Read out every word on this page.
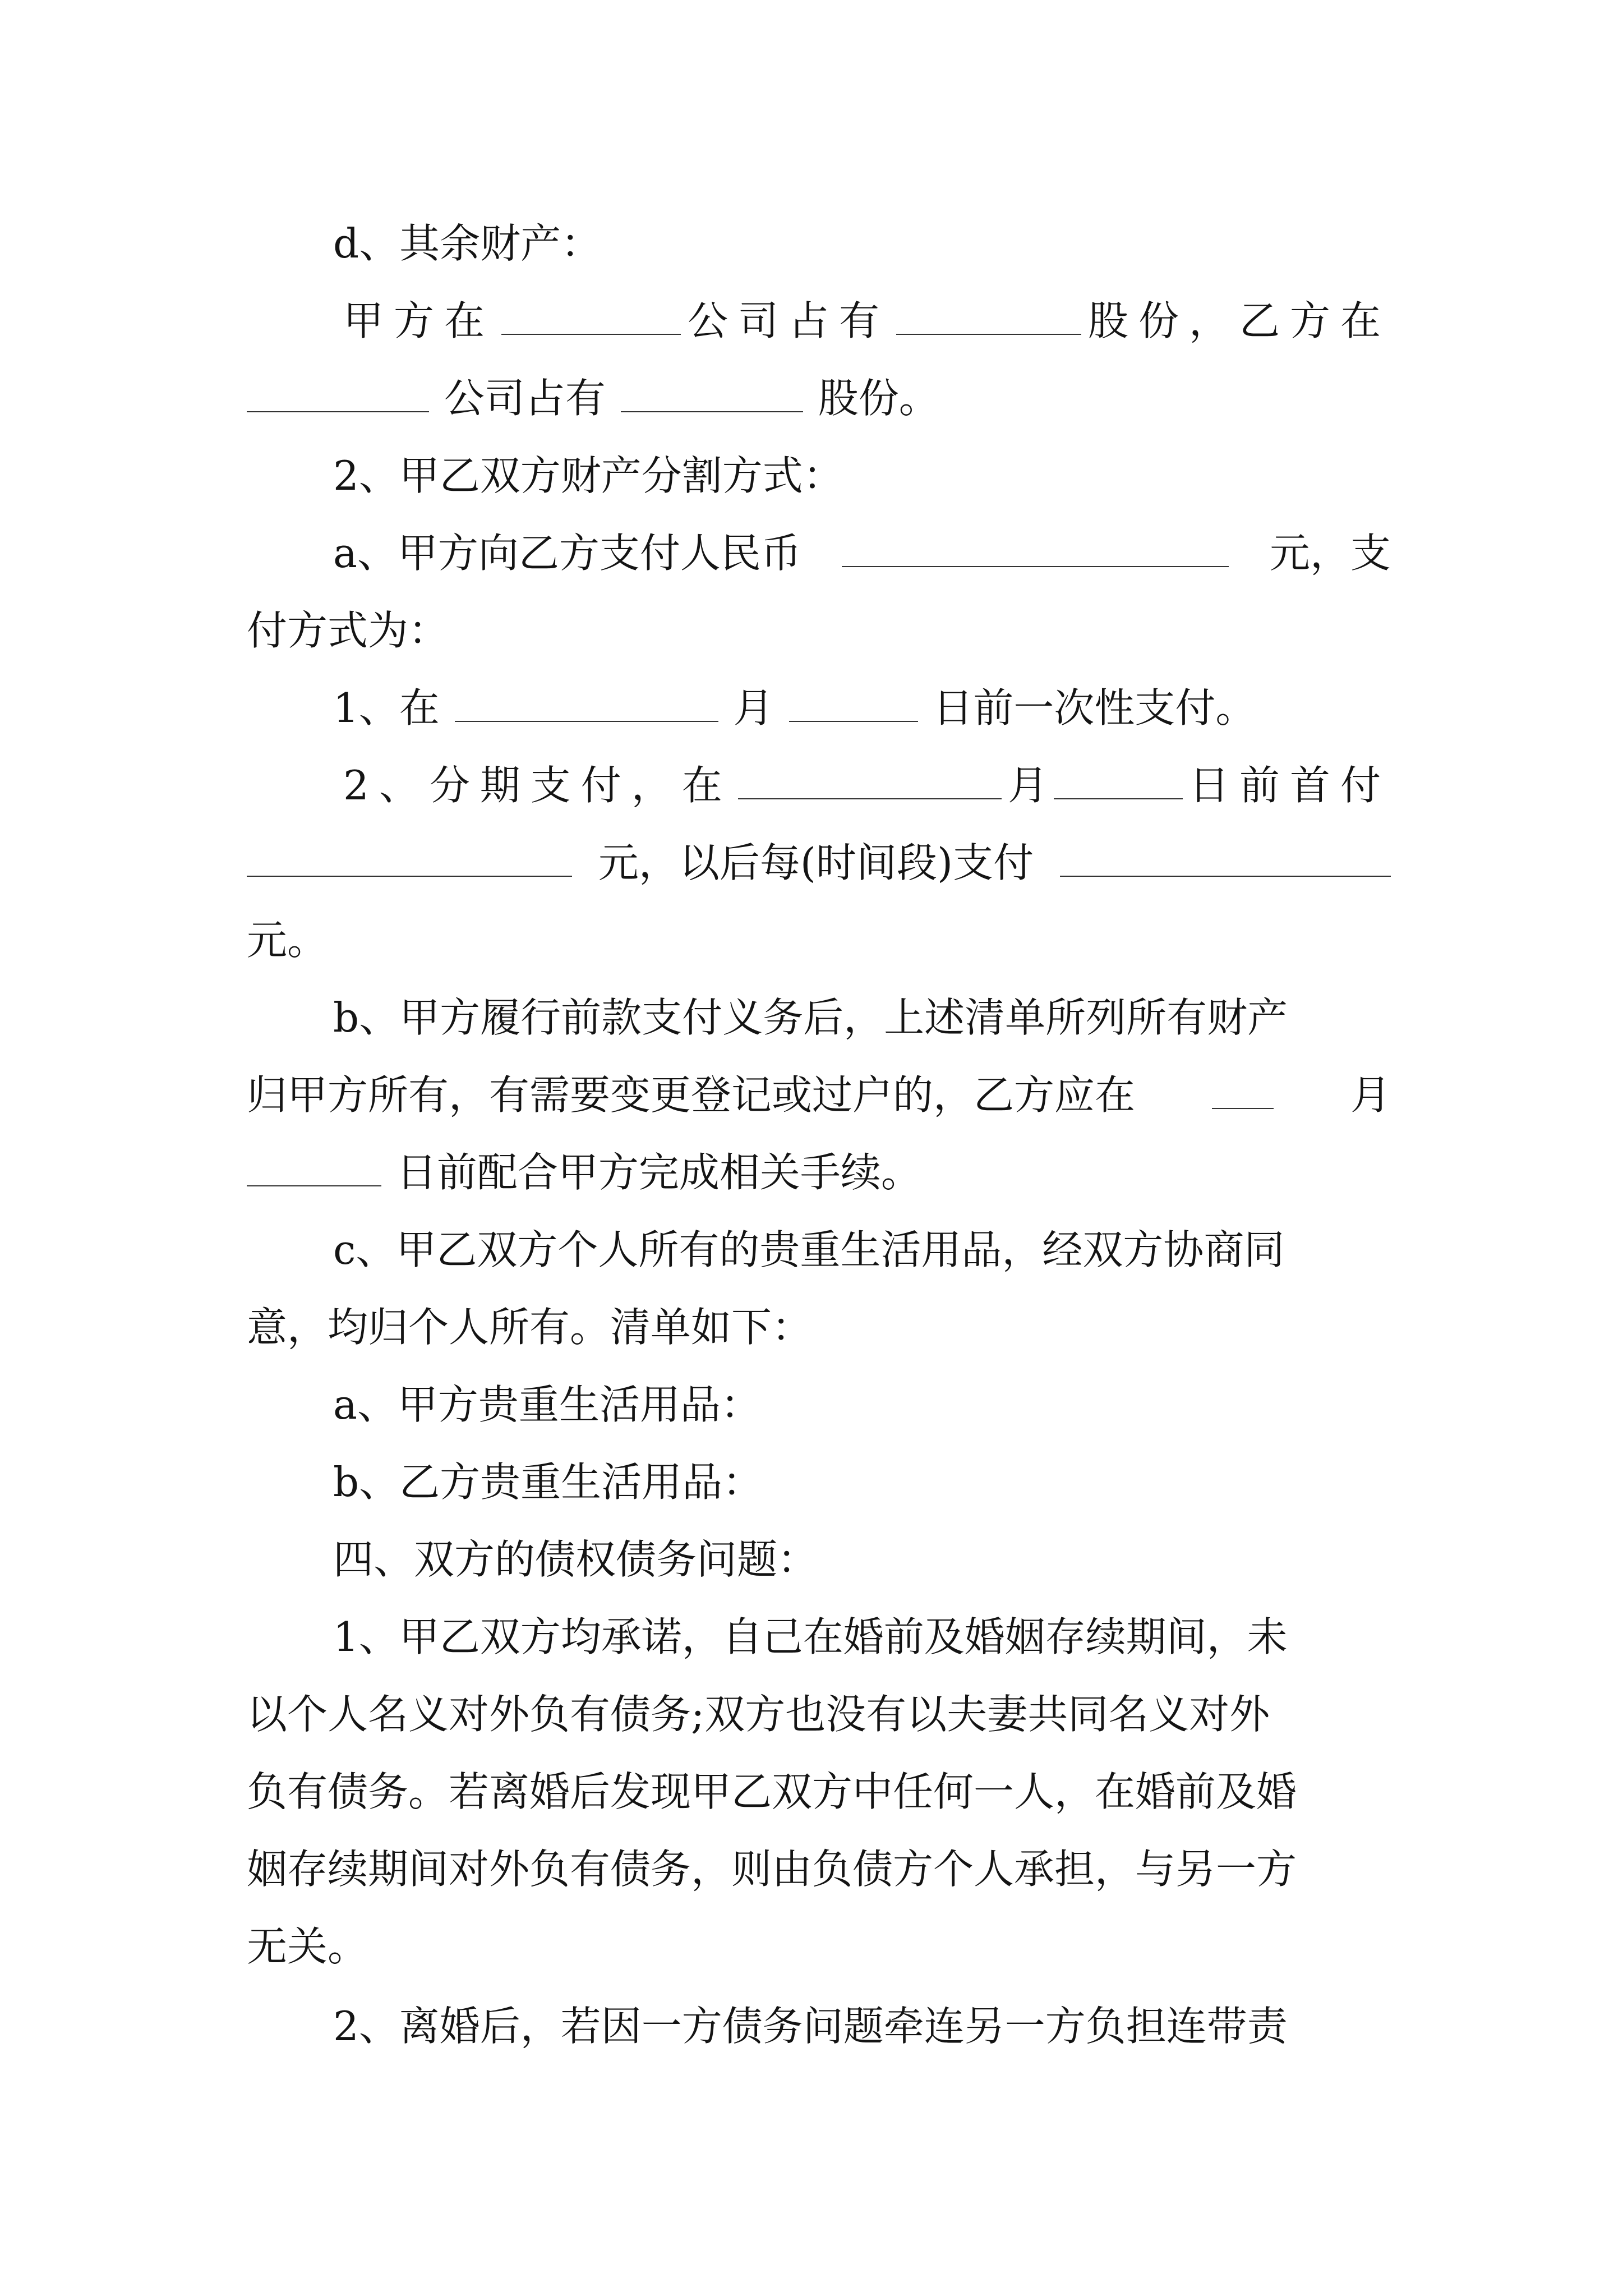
d、其余财产：
甲方在	公司占有	股份，乙方在
公司占有	股份。
2、甲乙双方财产分割方式：
a、甲方向乙方支付人民币	元，支
付方式为：
1、在	月	日前一次性支付。
2、分期支付，在	月	日前首付
元，以后每(时间段)支付
元。
b、甲方履行前款支付义务后，上述清单所列所有财产
归甲方所有，有需要变更登记或过户的，乙方应在	月
日前配合甲方完成相关手续。
c、甲乙双方个人所有的贵重生活用品，经双方协商同
意，均归个人所有。清单如下：
a、甲方贵重生活用品：
b、乙方贵重生活用品：
四、双方的债权债务问题：
1、甲乙双方均承诺，自己在婚前及婚姻存续期间，未
以个人名义对外负有债务;双方也没有以夫妻共同名义对外
负有债务。若离婚后发现甲乙双方中任何一人，在婚前及婚
姻存续期间对外负有债务，则由负债方个人承担，与另一方
无关。
2、离婚后，若因一方债务问题牵连另一方负担连带责
